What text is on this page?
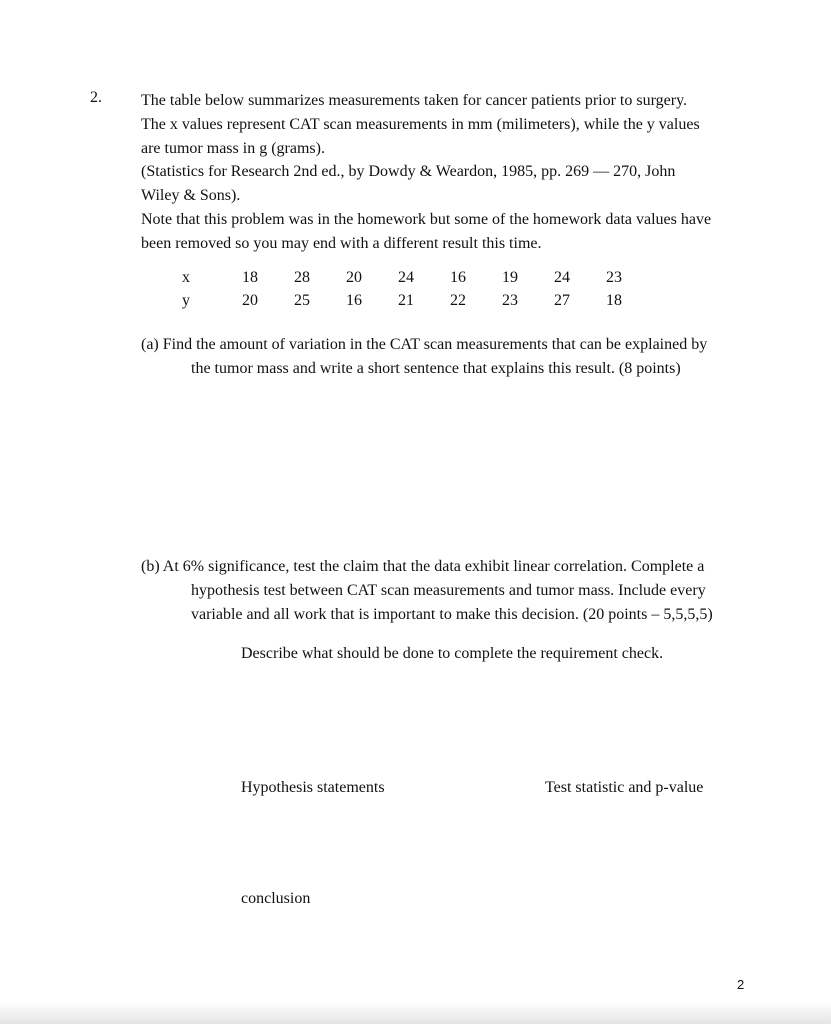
2. The table below summarizes measurements taken for cancer patients prior to surgery.

The x values represent CAT scan measurements in mm (milimeters), while the y values

are tumor mass in g (grams).

(Statistics for Research 2nd ed., by Dowdy & Weardon, 1985, pp. 269 — 270, John

Wiley & Sons).

Note that this problem was in the homework but some of the homework data values have

been removed so you may end with a different result this time.

x	18	28	20	24	16	19	24	23
y	20	25	16	21	22	23	27	18

(a) Find the amount of variation in the CAT scan measurements that can be explained by
the tumor mass and write a short sentence that explains this result. (8 points)

(b) At 6% significance, test the claim that the data exhibit linear correlation. Complete a
hypothesis test between CAT scan measurements and tumor mass. Include every
variable and all work that is important to make this decision. (20 points – 5,5,5,5)

Describe what should be done to complete the requirement check.
Hypothesis statements	Test statistic and p-value
conclusion
2
